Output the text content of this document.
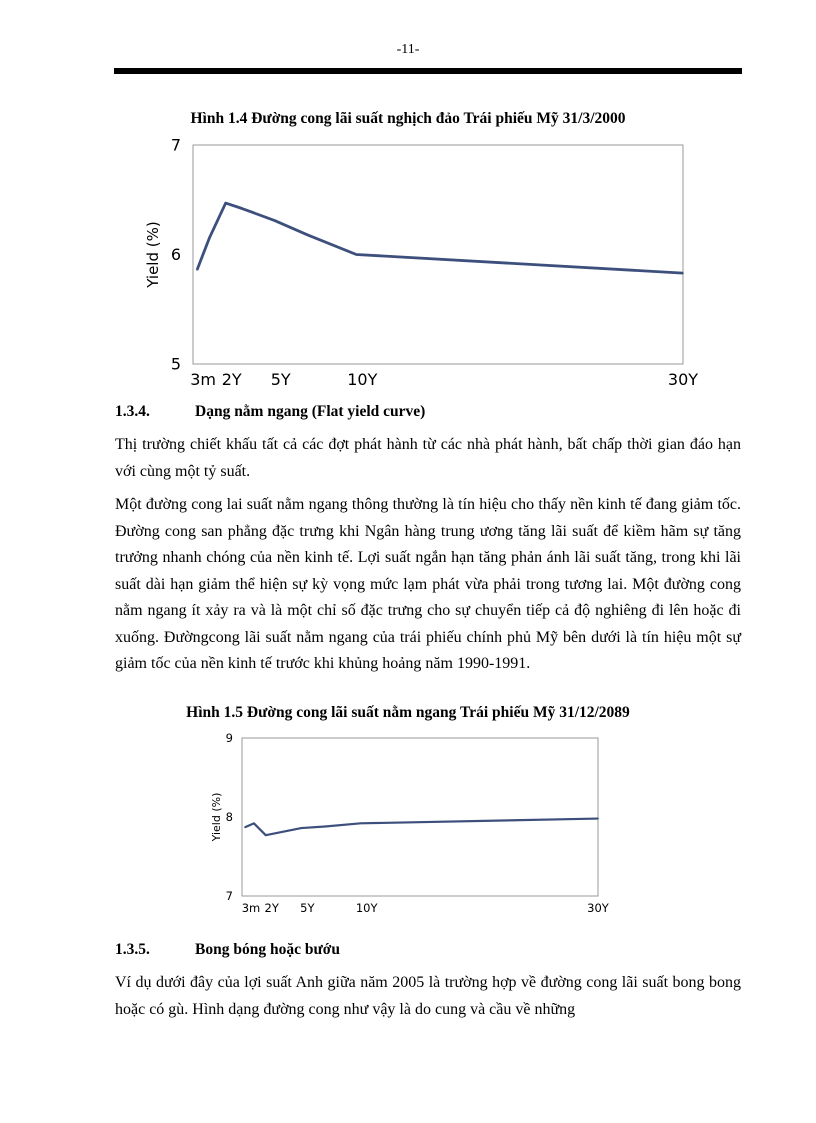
-11-
Hình 1.4 Đường cong lãi suất nghịch đảo Trái phiếu Mỹ 31/3/2000
5
6
7
3m 2Y 5Y	10Y	30Y
Yield (%)
1.3.4.	Dạng nằm ngang (Flat yield curve)

Thị trường chiết khấu tất cả các đợt phát hành từ các nhà phát hành, bất chấp thời gian đáo hạn với cùng một tỷ suất.

Một đường cong lai suất nằm ngang thông thường là tín hiệu cho thấy nền kinh tế đang giảm tốc. Đường cong san phẳng đặc trưng khi Ngân hàng trung ương tăng lãi suất để kiềm hãm sự tăng trưởng nhanh chóng của nền kinh tế. Lợi suất ngắn hạn tăng phản ánh lãi suất tăng, trong khi lãi suất dài hạn giảm thể hiện sự kỳ vọng mức lạm phát vừa phải trong tương lai. Một đường cong nằm ngang ít xảy ra và là một chỉ số đặc trưng cho sự chuyển tiếp cả độ nghiêng đi lên hoặc đi xuống. Đườngcong lãi suất nằm ngang của trái phiếu chính phủ Mỹ bên dưới là tín hiệu một sự giảm tốc của nền kinh tế trước khi khủng hoảng năm 1990-1991.

Hình 1.5 Đường cong lãi suất nằm ngang Trái phiếu Mỹ 31/12/2089
7
8
9
3m 2Y 5Y	10Y	30Y
Yield (%)
1.3.5.	Bong bóng hoặc bướu

Ví dụ dưới đây của lợi suất Anh giữa năm 2005 là trường hợp về đường cong lãi suất bong bong hoặc có gù. Hình dạng đường cong như vậy là do cung và cầu về những
